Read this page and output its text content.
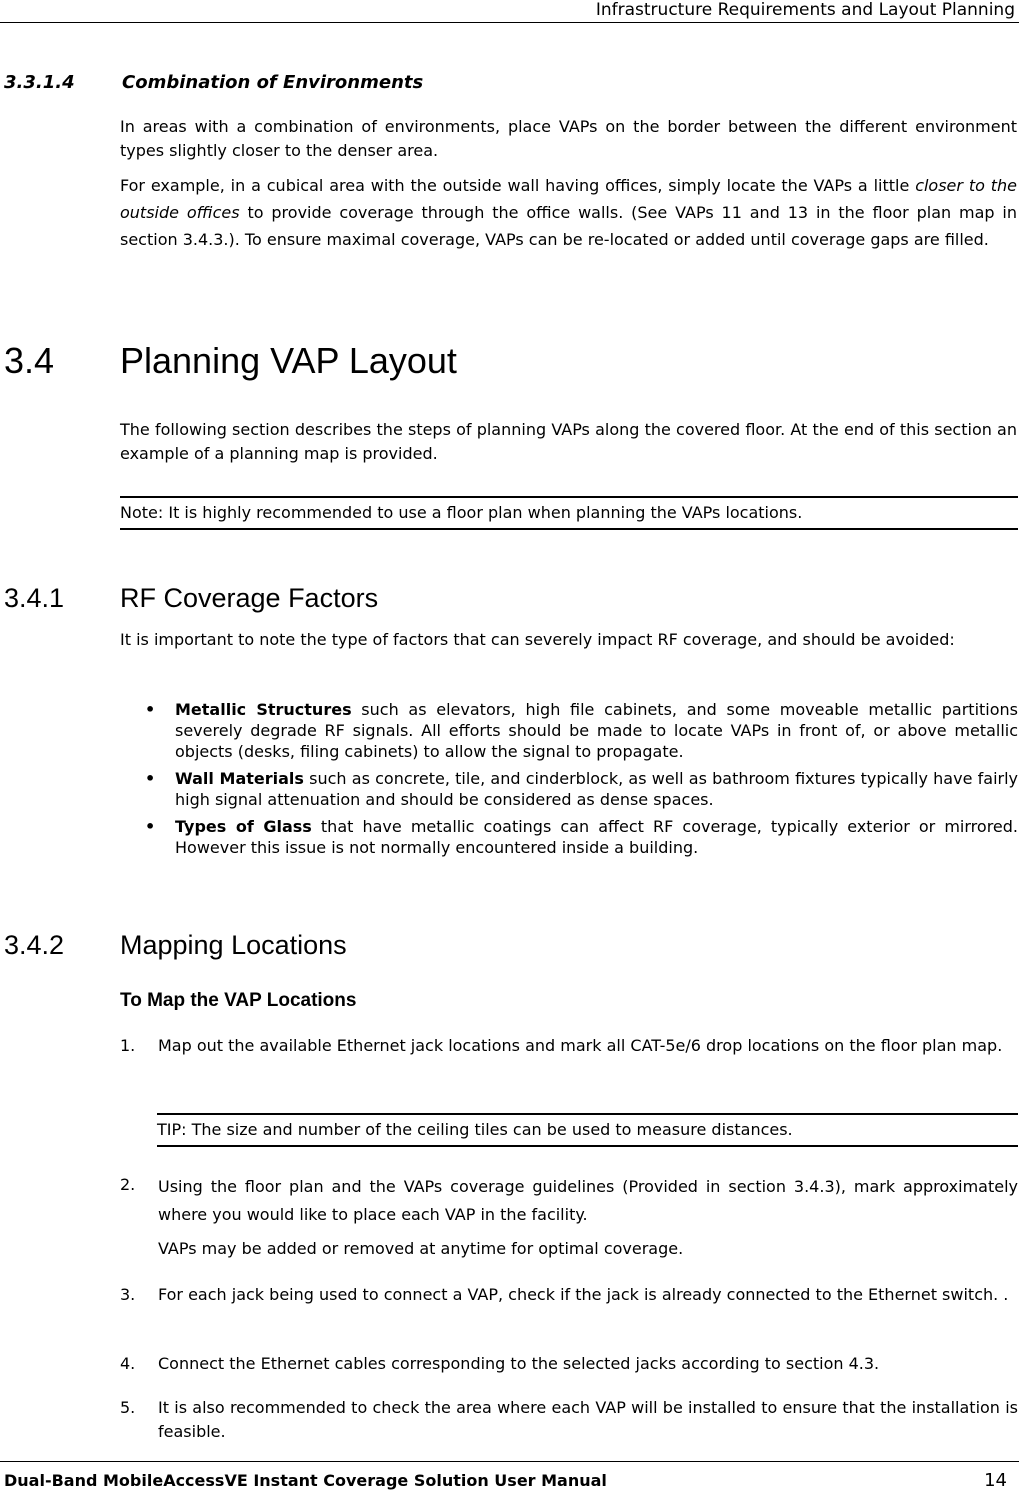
Infrastructure Requirements and Layout Planning
3.3.1.4	Combination of Environments

In areas with a combination of environments, place VAPs on the border between the different environment types slightly closer to the denser area.

For example, in a cubical area with the outside wall having offices, simply locate the VAPs a little closer to the outside offices to provide coverage through the office walls. (See VAPs 11 and 13 in the floor plan map in section 3.4.3.). To ensure maximal coverage, VAPs can be re-located or added until coverage gaps are filled.

3.4 Planning VAP Layout

The following section describes the steps of planning VAPs along the covered floor. At the end of this section an example of a planning map is provided.

Note: It is highly recommended to use a floor plan when planning the VAPs locations.
3.4.1 RF Coverage Factors

It is important to note the type of factors that can severely impact RF coverage, and should be avoided:

• Metallic Structures such as elevators, high file cabinets, and some moveable metallic partitions severely degrade RF signals. All efforts should be made to locate VAPs in front of, or above metallic objects (desks, filing cabinets) to allow the signal to propagate.
• Wall Materials such as concrete, tile, and cinderblock, as well as bathroom fixtures typically have fairly high signal attenuation and should be considered as dense spaces.
• Types of Glass that have metallic coatings can affect RF coverage, typically exterior or mirrored. However this issue is not normally encountered inside a building.
3.4.2 Mapping Locations
To Map the VAP Locations
1. Map out the available Ethernet jack locations and mark all CAT-5e/6 drop locations on the floor plan map.
TIP: The size and number of the ceiling tiles can be used to measure distances.
2. Using the floor plan and the VAPs coverage guidelines (Provided in section 3.4.3), mark approximately where you would like to place each VAP in the facility.
VAPs may be added or removed at anytime for optimal coverage.
3. For each jack being used to connect a VAP, check if the jack is already connected to the Ethernet switch. .
4. Connect the Ethernet cables corresponding to the selected jacks according to section 4.3.
5. It is also recommended to check the area where each VAP will be installed to ensure that the installation is feasible.
Dual-Band MobileAccessVE Instant Coverage Solution User Manual	14
